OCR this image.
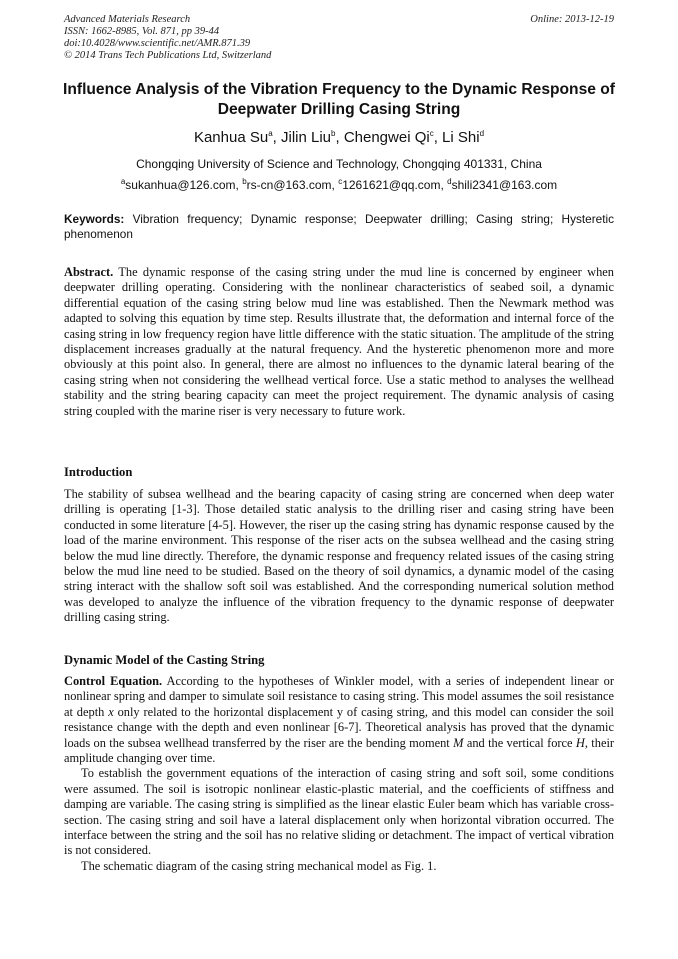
Advanced Materials Research
ISSN: 1662-8985, Vol. 871, pp 39-44
doi:10.4028/www.scientific.net/AMR.871.39
© 2014 Trans Tech Publications Ltd, Switzerland
Online: 2013-12-19
Influence Analysis of the Vibration Frequency to the Dynamic Response of Deepwater Drilling Casing String
Kanhua Su$^a$, Jilin Liu$^b$, Chengwei Qi$^c$, Li Shi$^d$
Chongqing University of Science and Technology, Chongqing 401331, China
$^a$sukanhua@126.com, $^b$rs-cn@163.com, $^c$1261621@qq.com, $^d$shili2341@163.com
Keywords: Vibration frequency; Dynamic response; Deepwater drilling; Casing string; Hysteretic phenomenon
Abstract. The dynamic response of the casing string under the mud line is concerned by engineer when deepwater drilling operating. Considering with the nonlinear characteristics of seabed soil, a dynamic differential equation of the casing string below mud line was established. Then the Newmark method was adapted to solving this equation by time step. Results illustrate that, the deformation and internal force of the casing string in low frequency region have little difference with the static situation. The amplitude of the string displacement increases gradually at the natural frequency. And the hysteretic phenomenon more and more obviously at this point also. In general, there are almost no influences to the dynamic lateral bearing of the casing string when not considering the wellhead vertical force. Use a static method to analyses the wellhead stability and the string bearing capacity can meet the project requirement. The dynamic analysis of casing string coupled with the marine riser is very necessary to future work.
Introduction
The stability of subsea wellhead and the bearing capacity of casing string are concerned when deep water drilling is operating [1-3]. Those detailed static analysis to the drilling riser and casing string have been conducted in some literature [4-5]. However, the riser up the casing string has dynamic response caused by the load of the marine environment. This response of the riser acts on the subsea wellhead and the casing string below the mud line directly. Therefore, the dynamic response and frequency related issues of the casing string below the mud line need to be studied. Based on the theory of soil dynamics, a dynamic model of the casing string interact with the shallow soft soil was established. And the corresponding numerical solution method was developed to analyze the influence of the vibration frequency to the dynamic response of deepwater drilling casing string.
Dynamic Model of the Casting String

Control Equation. According to the hypotheses of Winkler model, with a series of independent linear or nonlinear spring and damper to simulate soil resistance to casing string. This model assumes the soil resistance at depth x only related to the horizontal displacement y of casing string, and this model can consider the soil resistance change with the depth and even nonlinear [6-7]. Theoretical analysis has proved that the dynamic loads on the subsea wellhead transferred by the riser are the bending moment M and the vertical force H, their amplitude changing over time.

To establish the government equations of the interaction of casing string and soft soil, some conditions were assumed. The soil is isotropic nonlinear elastic-plastic material, and the coefficients of stiffness and damping are variable. The casing string is simplified as the linear elastic Euler beam which has variable cross-section. The casing string and soil have a lateral displacement only when horizontal vibration occurred. The interface between the string and the soil has no relative sliding or detachment. The impact of vertical vibration is not considered.

The schematic diagram of the casing string mechanical model as Fig. 1.
